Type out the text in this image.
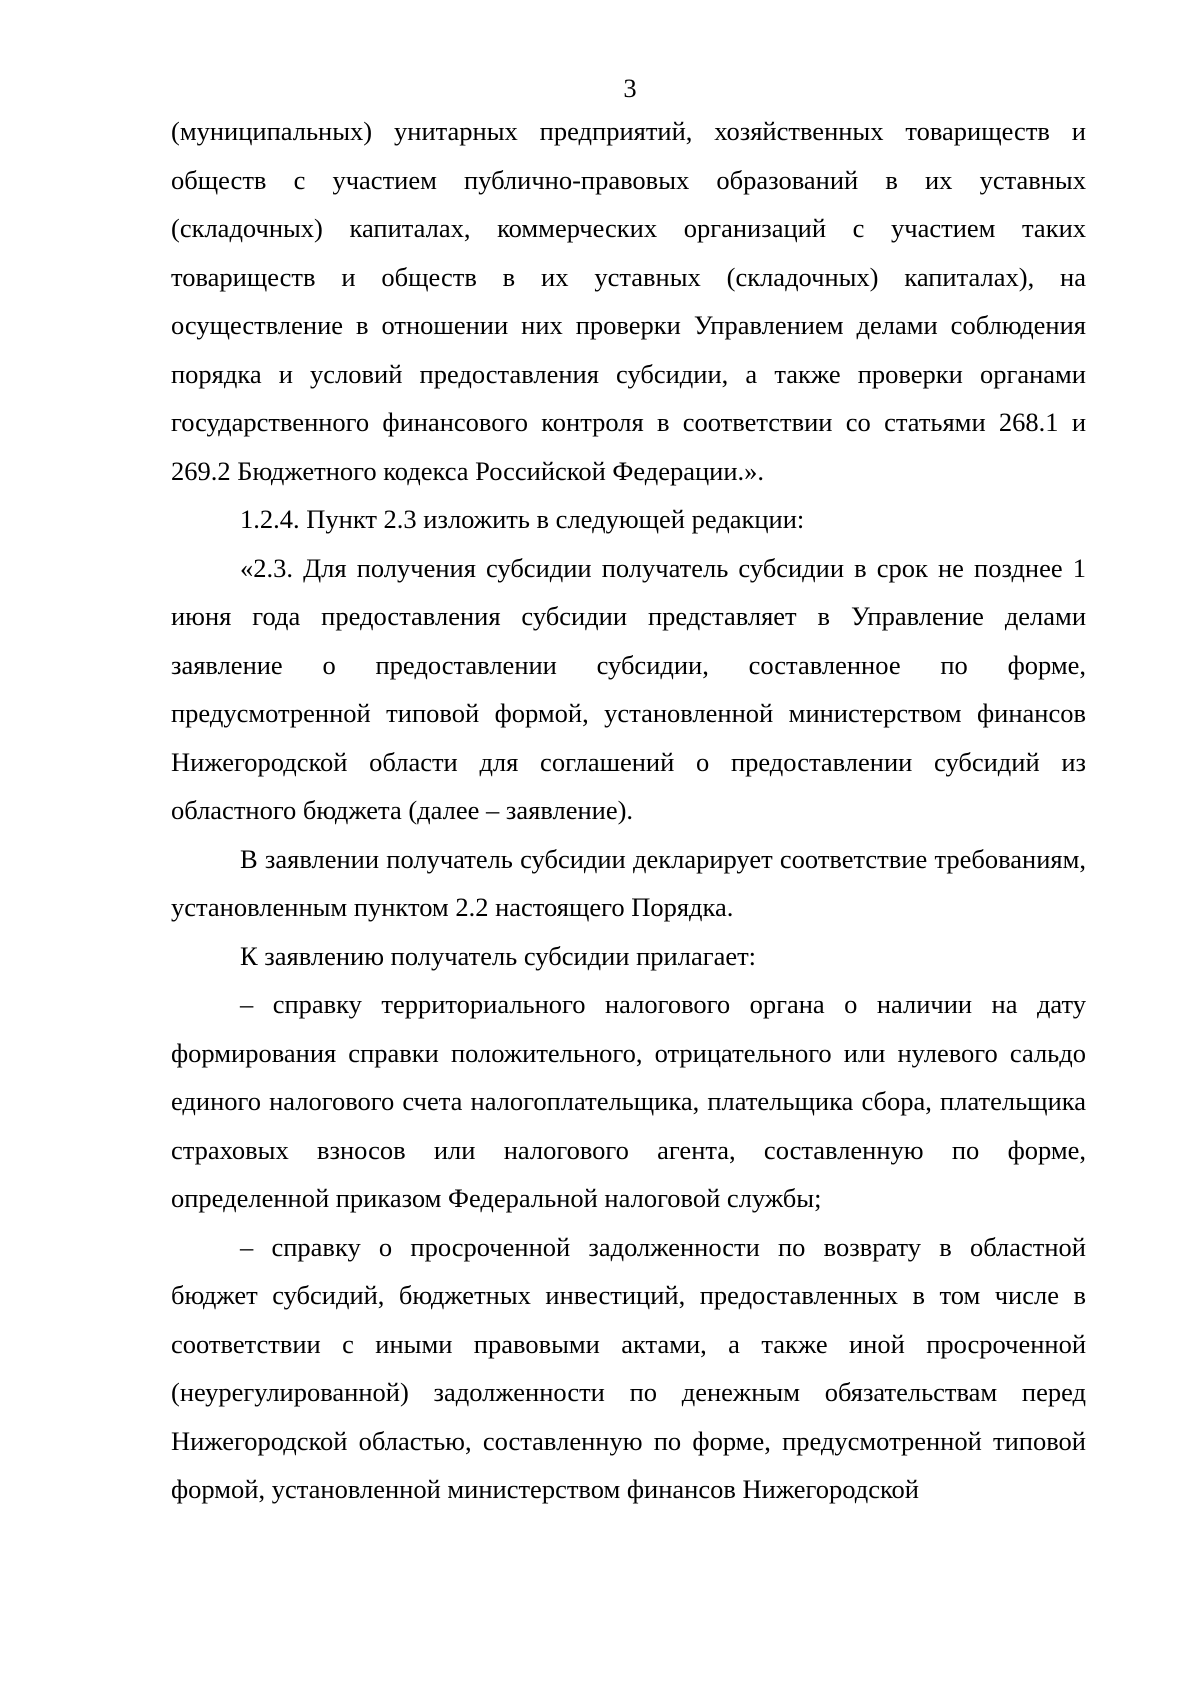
3

(муниципальных) унитарных предприятий, хозяйственных товариществ и обществ с участием публично-правовых образований в их уставных (складочных) капиталах, коммерческих организаций с участием таких товариществ и обществ в их уставных (складочных) капиталах), на осуществление в отношении них проверки Управлением делами соблюдения порядка и условий предоставления субсидии, а также проверки органами государственного финансового контроля в соответствии со статьями 268.1 и 269.2 Бюджетного кодекса Российской Федерации.».

1.2.4. Пункт 2.3 изложить в следующей редакции:

«2.3. Для получения субсидии получатель субсидии в срок не позднее 1 июня года предоставления субсидии представляет в Управление делами заявление о предоставлении субсидии, составленное по форме, предусмотренной типовой формой, установленной министерством финансов Нижегородской области для соглашений о предоставлении субсидий из областного бюджета (далее – заявление).

В заявлении получатель субсидии декларирует соответствие требованиям, установленным пунктом 2.2 настоящего Порядка.

К заявлению получатель субсидии прилагает:

– справку территориального налогового органа о наличии на дату формирования справки положительного, отрицательного или нулевого сальдо единого налогового счета налогоплательщика, плательщика сбора, плательщика страховых взносов или налогового агента, составленную по форме, определенной приказом Федеральной налоговой службы;

– справку о просроченной задолженности по возврату в областной бюджет субсидий, бюджетных инвестиций, предоставленных в том числе в соответствии с иными правовыми актами, а также иной просроченной (неурегулированной) задолженности по денежным обязательствам перед Нижегородской областью, составленную по форме, предусмотренной типовой формой, установленной министерством финансов Нижегородской
